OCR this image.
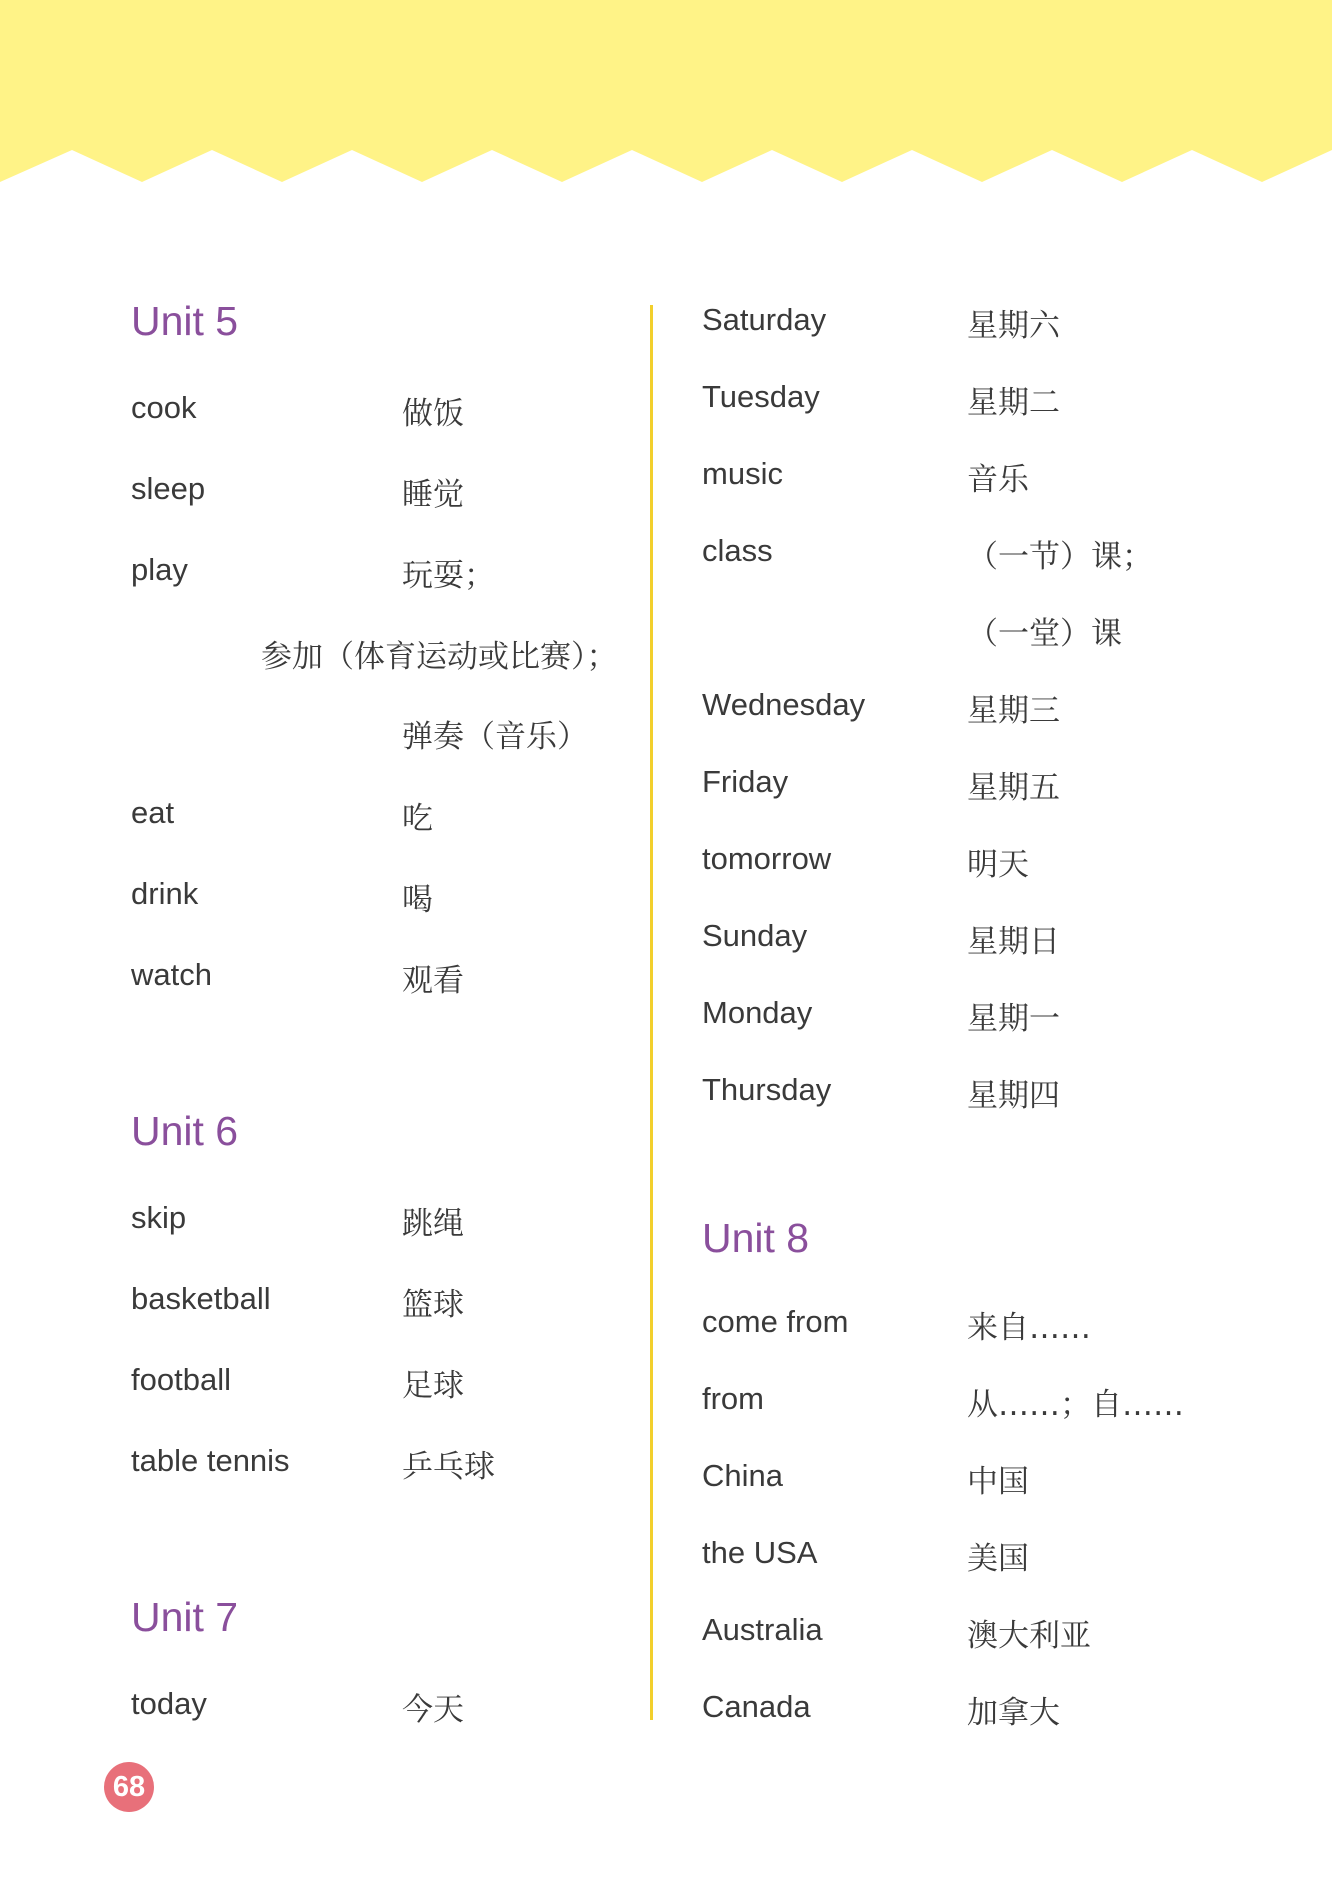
Unit 5
cook	做饭
sleep	睡觉
play	玩耍；
参加（体育运动或比赛）；
弹奏（音乐）
eat	吃
drink	喝
watch	观看
Unit 6
skip	跳绳
basketball	篮球
football	足球
table tennis	乒乓球
Unit 7
today	今天
Saturday	星期六
Tuesday	星期二
music	音乐
class	（一节）课；
（一堂）课
Wednesday	星期三
Friday	星期五
tomorrow	明天
Sunday	星期日
Monday	星期一
Thursday	星期四
Unit 8
come from	来自……
from	从……；自……
China	中国
the USA	美国
Australia	澳大利亚
Canada	加拿大
68
